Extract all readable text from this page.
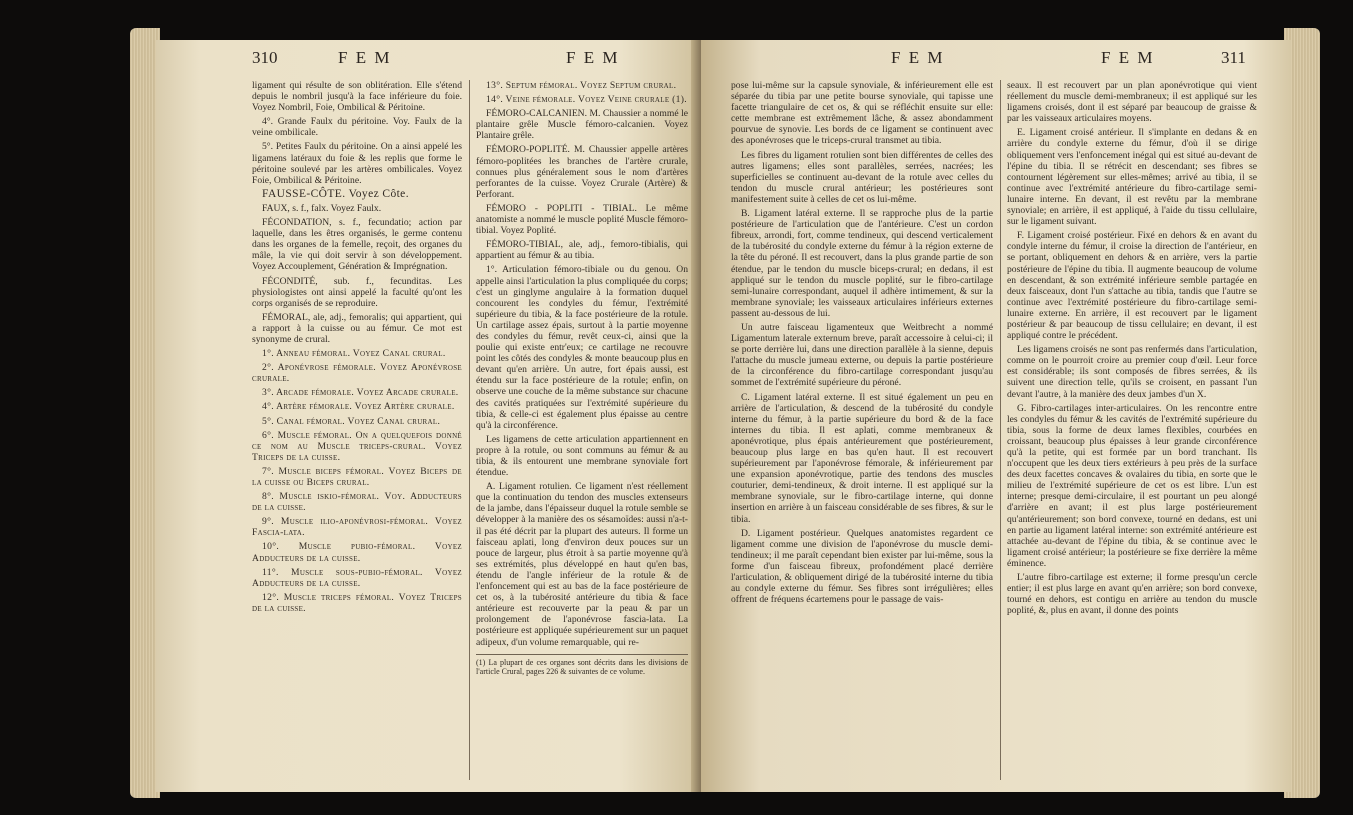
310	F E M	F E M

ligament qui résulte de son oblitération. Elle s'étend depuis le nombril jusqu'à la face inférieure du foie. Voyez Nombril, Foie, Ombilical & Péritoine.

4°. Grande Faulx du péritoine. Voy. Faulx de la veine ombilicale.

5°. Petites Faulx du péritoine. On a ainsi appelé les ligamens latéraux du foie & les replis que forme le péritoine soulevé par les artères ombilicales. Voyez Foie, Ombilical & Péritoine.

FAUSSE-CÔTE. Voyez Côte.

FAUX, s. f., falx. Voyez Faulx.

FÉCONDATION, s. f., fecundatio; action par laquelle, dans les êtres organisés, le germe contenu dans les organes de la femelle, reçoit, des organes du mâle, la vie qui doit servir à son développement. Voyez Accouplement, Génération & Imprégnation.

FÉCONDITÉ, sub. f., fecunditas. Les physiologistes ont ainsi appelé la faculté qu'ont les corps organisés de se reproduire.

FÉMORAL, ale, adj., femoralis; qui appartient, qui a rapport à la cuisse ou au fémur. Ce mot est synonyme de crural.

1°. Anneau fémoral. Voyez Canal crural.

2°. Aponévrose fémorale. Voyez Aponévrose crurale.

3°. Arcade fémorale. Voyez Arcade crurale.

4°. Artère fémorale. Voyez Artère crurale.

5°. Canal fémoral. Voyez Canal crural.

6°. Muscle fémoral. On a quelquefois donné ce nom au Muscle triceps-crural. Voyez Triceps de la cuisse.

7°. Muscle biceps fémoral. Voyez Biceps de la cuisse ou Biceps crural.

8°. Muscle iskio-fémoral. Voy. Adducteurs de la cuisse.

9°. Muscle ilio-aponévrosi-fémoral. Voyez Fascia-lata.

10°. Muscle pubio-fémoral. Voyez Adducteurs de la cuisse.

11°. Muscle sous-pubio-fémoral. Voyez Adducteurs de la cuisse.

12°. Muscle triceps fémoral. Voyez Triceps de la cuisse.

13°. Septum fémoral. Voyez Septum crural.

14°. Veine fémorale. Voyez Veine crurale (1).

FÉMORO-CALCANIEN. M. Chaussier a nommé le plantaire grêle Muscle fémoro-calcanien. Voyez Plantaire grêle.

FÉMORO-POPLITÉ. M. Chaussier appelle artères fémoro-poplitées les branches de l'artère crurale, connues plus généralement sous le nom d'artères perforantes de la cuisse. Voyez Crurale (Artère) & Perforant.

FÉMORO - POPLITI - TIBIAL. Le même anatomiste a nommé le muscle poplité Muscle fémoro-tibial. Voyez Poplité.

FÉMORO-TIBIAL, ale, adj., femoro-tibialis, qui appartient au fémur & au tibia.

1°. Articulation fémoro-tibiale ou du genou. On appelle ainsi l'articulation la plus compliquée du corps; c'est un ginglyme angulaire à la formation duquel concourent les condyles du fémur, l'extrémité supérieure du tibia, & la face postérieure de la rotule. Un cartilage assez épais, surtout à la partie moyenne des condyles du fémur, revêt ceux-ci, ainsi que la poulie qui existe entr'eux; ce cartilage ne recouvre point les côtés des condyles & monte beaucoup plus en devant qu'en arrière. Un autre, fort épais aussi, est étendu sur la face postérieure de la rotule; enfin, on observe une couche de la même substance sur chacune des cavités pratiquées sur l'extrémité supérieure du tibia, & celle-ci est également plus épaisse au centre qu'à la circonférence.

Les ligamens de cette articulation appartiennent en propre à la rotule, ou sont communs au fémur & au tibia, & ils entourent une membrane synoviale fort étendue.

A. Ligament rotulien. Ce ligament n'est réellement que la continuation du tendon des muscles extenseurs de la jambe, dans l'épaisseur duquel la rotule semble se développer à la manière des os sésamoïdes: aussi n'a-t-il pas été décrit par la plupart des auteurs. Il forme un faisceau aplati, long d'environ deux pouces sur un pouce de largeur, plus étroit à sa partie moyenne qu'à ses extrémités, plus développé en haut qu'en bas, étendu de l'angle inférieur de la rotule & de l'enfoncement qui est au bas de la face postérieure de cet os, à la tubérosité antérieure du tibia & face antérieure est recouverte par la peau & par un prolongement de l'aponévrose fascia-lata. La postérieure est appliquée supérieurement sur un paquet adipeux, d'un volume remarquable, qui re-

(1) La plupart de ces organes sont décrits dans les divisions de l'article Crural, pages 226 & suivantes de ce volume.
F E M	F E M	311

pose lui-même sur la capsule synoviale, & inférieurement elle est séparée du tibia par une petite bourse synoviale, qui tapisse une facette triangulaire de cet os, & qui se réfléchit ensuite sur elle: cette membrane est extrêmement lâche, & assez abondamment pourvue de synovie. Les bords de ce ligament se continuent avec des aponévroses que le triceps-crural transmet au tibia.

Les fibres du ligament rotulien sont bien différentes de celles des autres ligamens; elles sont parallèles, serrées, nacrées; les superficielles se continuent au-devant de la rotule avec celles du tendon du muscle crural antérieur; les postérieures sont manifestement suite à celles de cet os lui-même.

B. Ligament latéral externe. Il se rapproche plus de la partie postérieure de l'articulation que de l'antérieure. C'est un cordon fibreux, arrondi, fort, comme tendineux, qui descend verticalement de la tubérosité du condyle externe du fémur à la région externe de la tête du péroné. Il est recouvert, dans la plus grande partie de son étendue, par le tendon du muscle biceps-crural; en dedans, il est appliqué sur le tendon du muscle poplité, sur le fibro-cartilage semi-lunaire correspondant, auquel il adhère intimement, & sur la membrane synoviale; les vaisseaux articulaires inférieurs externes passent au-dessous de lui.

Un autre faisceau ligamenteux que Weitbrecht a nommé Ligamentum laterale externum breve, paraît accessoire à celui-ci; il se porte derrière lui, dans une direction parallèle à la sienne, depuis l'attache du muscle jumeau externe, ou depuis la partie postérieure de la circonférence du fibro-cartilage correspondant jusqu'au sommet de l'extrémité supérieure du péroné.

C. Ligament latéral externe. Il est situé également un peu en arrière de l'articulation, & descend de la tubérosité du condyle interne du fémur, à la partie supérieure du bord & de la face internes du tibia. Il est aplati, comme membraneux & aponévrotique, plus épais antérieurement que postérieurement, beaucoup plus large en bas qu'en haut. Il est recouvert supérieurement par l'aponévrose fémorale, & inférieurement par une expansion aponévrotique, partie des tendons des muscles couturier, demi-tendineux, & droit interne. Il est appliqué sur la membrane synoviale, sur le fibro-cartilage interne, qui donne insertion en arrière à un faisceau considérable de ses fibres, & sur le tibia.

D. Ligament postérieur. Quelques anatomistes regardent ce ligament comme une division de l'aponévrose du muscle demi-tendineux; il me paraît cependant bien exister par lui-même, sous la forme d'un faisceau fibreux, profondément placé derrière l'articulation, & obliquement dirigé de la tubérosité interne du tibia au condyle externe du fémur. Ses fibres sont irrégulières; elles offrent de fréquens écartemens pour le passage de vais-

seaux. Il est recouvert par un plan aponévrotique qui vient réellement du muscle demi-membraneux; il est appliqué sur les ligamens croisés, dont il est séparé par beaucoup de graisse & par les vaisseaux articulaires moyens.

E. Ligament croisé antérieur. Il s'implante en dedans & en arrière du condyle externe du fémur, d'où il se dirige obliquement vers l'enfoncement inégal qui est situé au-devant de l'épine du tibia. Il se rétrécit en descendant; ses fibres se contournent légèrement sur elles-mêmes; arrivé au tibia, il se continue avec l'extrémité antérieure du fibro-cartilage semi-lunaire interne. En devant, il est revêtu par la membrane synoviale; en arrière, il est appliqué, à l'aide du tissu cellulaire, sur le ligament suivant.

F. Ligament croisé postérieur. Fixé en dehors & en avant du condyle interne du fémur, il croise la direction de l'antérieur, en se portant, obliquement en dehors & en arrière, vers la partie postérieure de l'épine du tibia. Il augmente beaucoup de volume en descendant, & son extrémité inférieure semble partagée en deux faisceaux, dont l'un s'attache au tibia, tandis que l'autre se continue avec l'extrémité postérieure du fibro-cartilage semi-lunaire externe. En arrière, il est recouvert par le ligament postérieur & par beaucoup de tissu cellulaire; en devant, il est appliqué contre le précédent.

Les ligamens croisés ne sont pas renfermés dans l'articulation, comme on le pourroit croire au premier coup d'œil. Leur force est considérable; ils sont composés de fibres serrées, & ils suivent une direction telle, qu'ils se croisent, en passant l'un devant l'autre, à la manière des deux jambes d'un X.

G. Fibro-cartilages inter-articulaires. On les rencontre entre les condyles du fémur & les cavités de l'extrémité supérieure du tibia, sous la forme de deux lames flexibles, courbées en croissant, beaucoup plus épaisses à leur grande circonférence qu'à la petite, qui est formée par un bord tranchant. Ils n'occupent que les deux tiers extérieurs à peu près de la surface des deux facettes concaves & ovalaires du tibia, en sorte que le milieu de l'extrémité supérieure de cet os est libre. L'un est interne; presque demi-circulaire, il est pourtant un peu alongé d'arrière en avant; il est plus large postérieurement qu'antérieurement; son bord convexe, tourné en dedans, est uni en partie au ligament latéral interne: son extrémité antérieure est attachée au-devant de l'épine du tibia, & se continue avec le ligament croisé antérieur; la postérieure se fixe derrière la même éminence.

L'autre fibro-cartilage est externe; il forme presqu'un cercle entier; il est plus large en avant qu'en arrière; son bord convexe, tourné en dehors, est contigu en arrière au tendon du muscle poplité, &, plus en avant, il donne des points
